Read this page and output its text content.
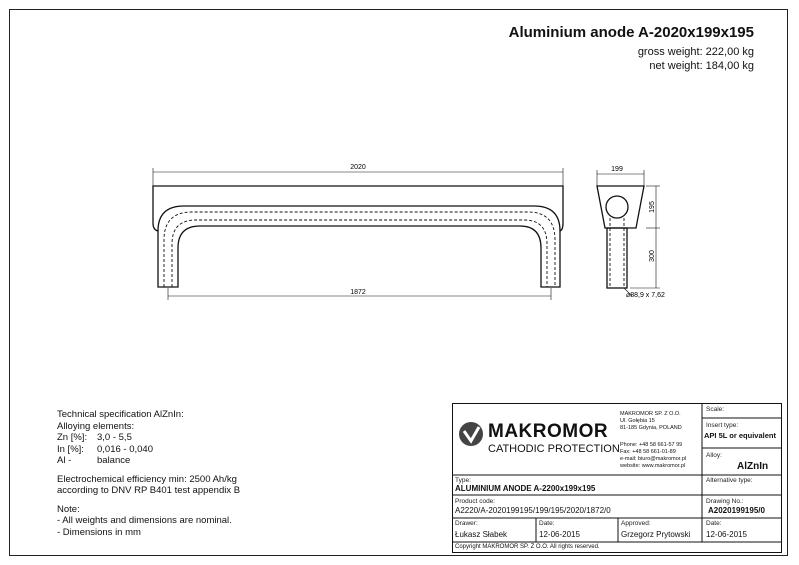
Aluminium anode A-2020x199x195
gross weight: 222,00 kg
net weight: 184,00 kg
2020
1872
199
195
300
⌀88,9 x 7,62
Technical specification AlZnIn:
Alloying elements:
Zn [%]: 3,0 - 5,5
In [%]: 0,016 - 0,040
Al -	balance
Electrochemical efficiency min: 2500 Ah/kg
according to DNV RP B401 test appendix B
Note:
- All weights and dimensions are nominal.
- Dimensions in mm
MAKROMOR
CATHODIC PROTECTION
MAKROMOR SP. Z O.O.
Ul. Gołębia 15
81-185 Gdynia, POLAND
Phone: +48 58 661-57 99
Fax: +48 58 661-01-89
e-mail: biuro@makromor.pl
website: www.makromor.pl
Scale:
Insert type:
API 5L or equivalent
Alloy:
AlZnIn
Type:
ALUMINIUM ANODE A-2200x199x195
Alternative type:
Product code:
A2220/A-2020199195/199/195/2020/1872/0
Drawing No.:
A2020199195/0
Drawer:
Łukasz Słabek
Date:
12-06-2015
Approved:
Grzegorz Prytowski
Date:
12-06-2015
Copyright MAKROMOR SP. Z O.O. All rights reserved.
